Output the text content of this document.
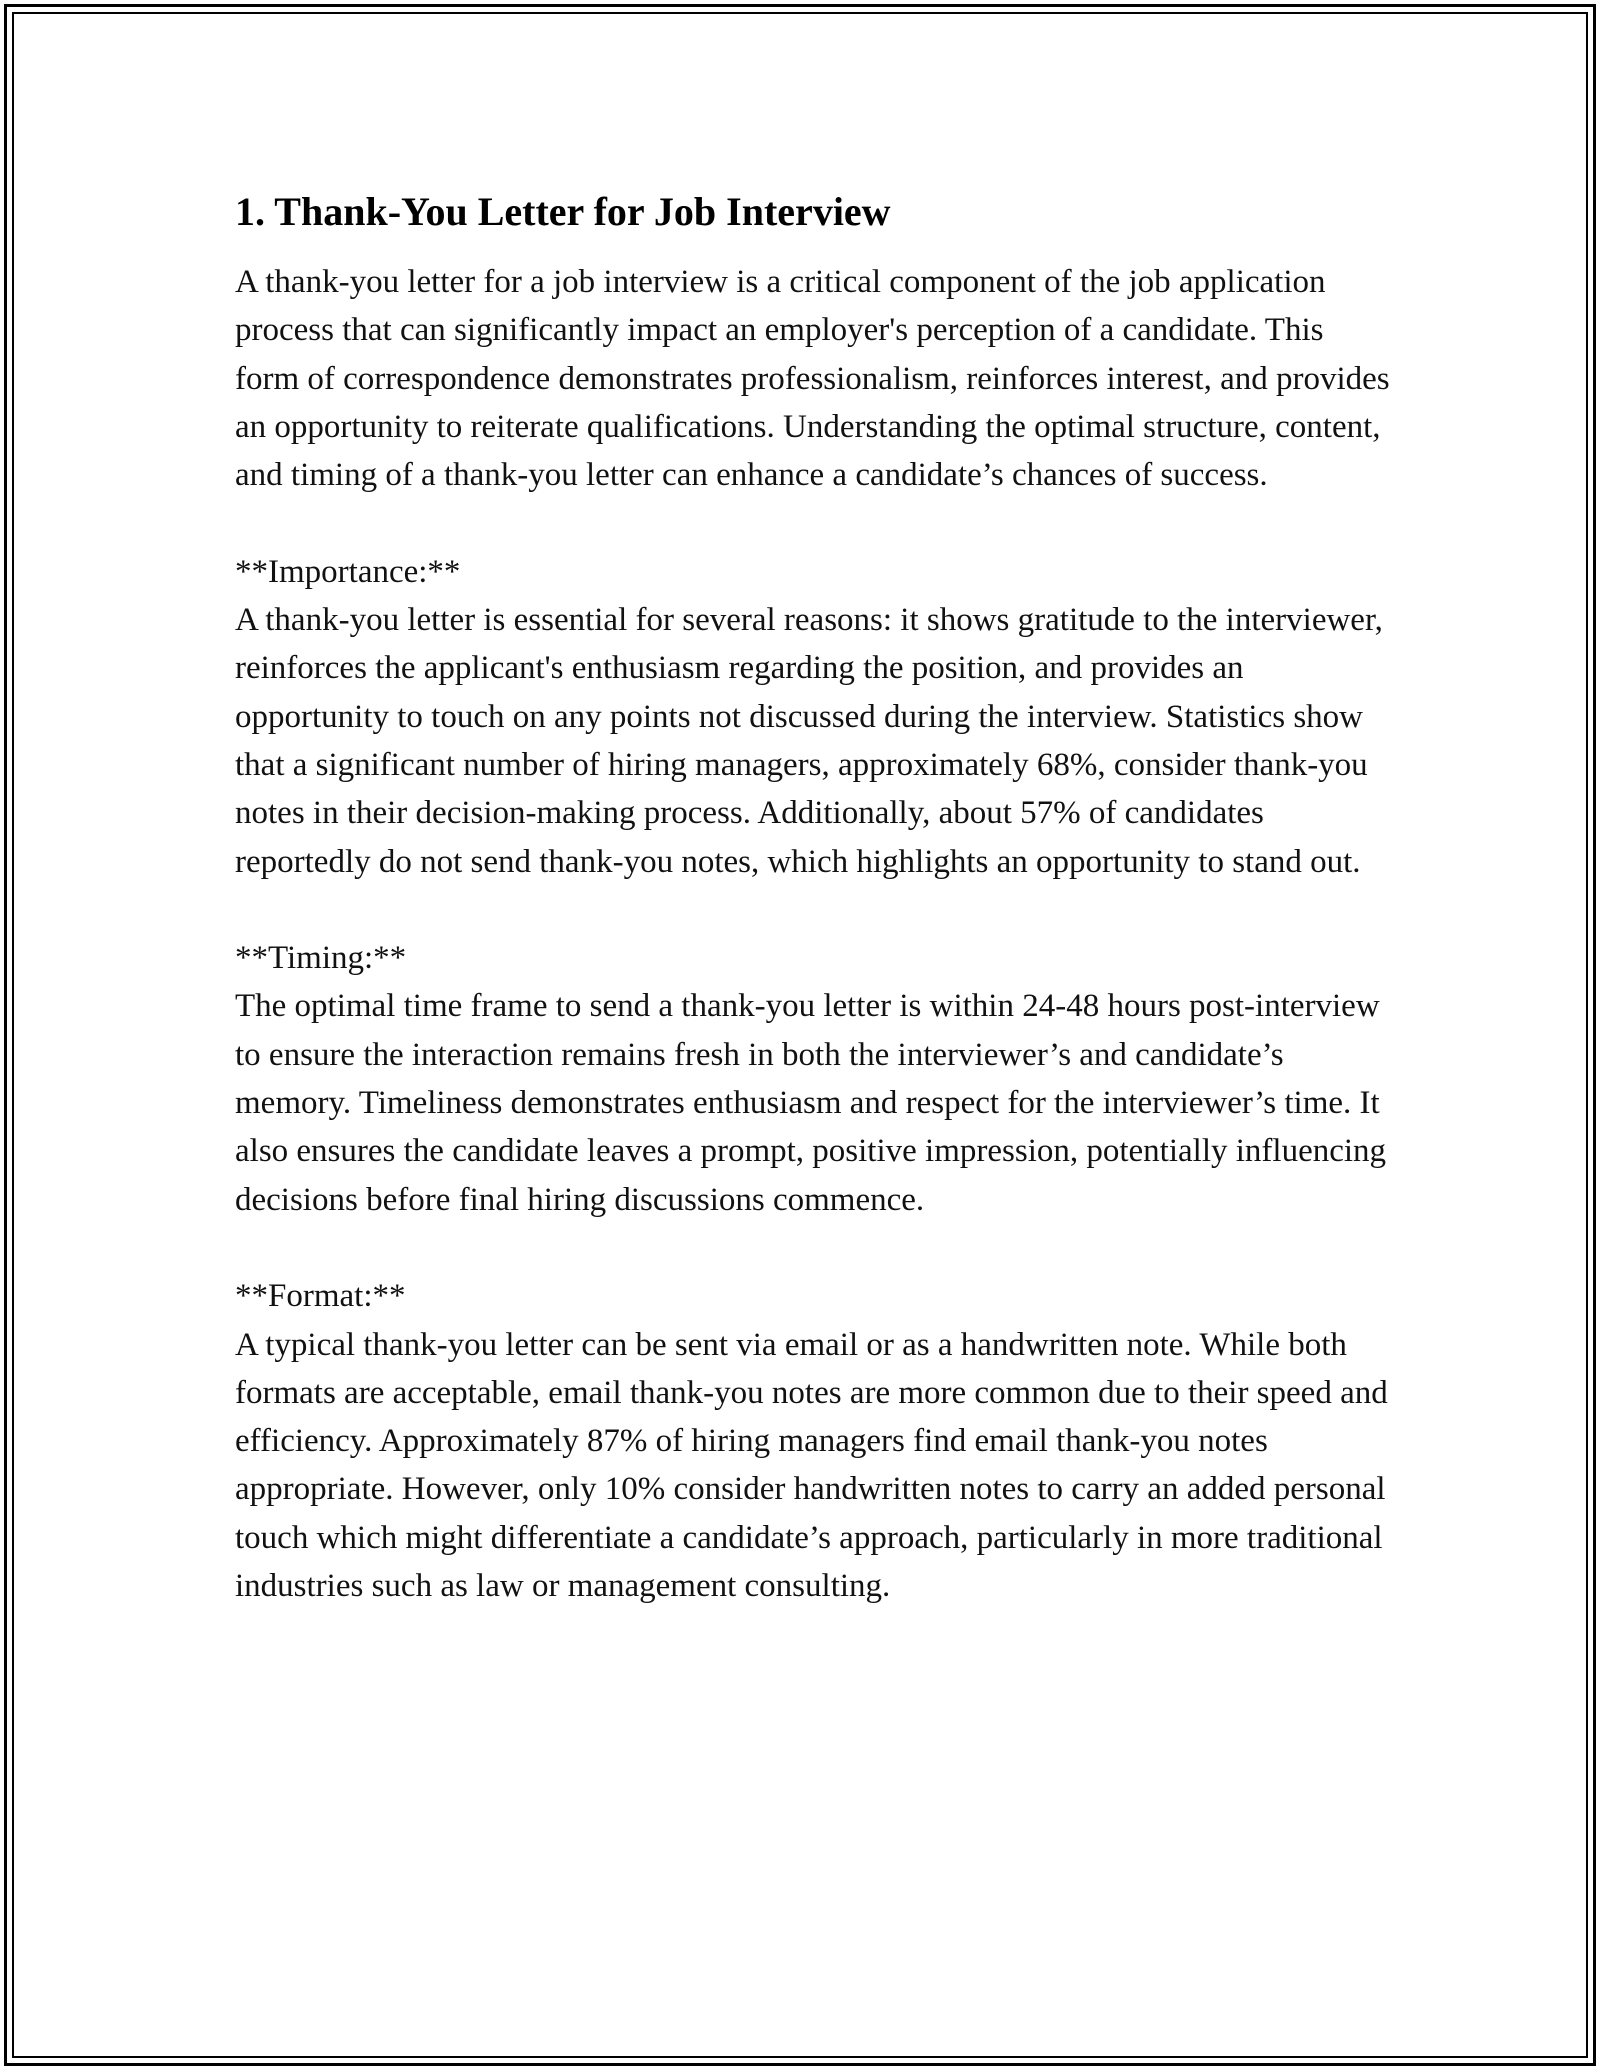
1. Thank-You Letter for Job Interview

A thank-you letter for a job interview is a critical component of the job application process that can significantly impact an employer's perception of a candidate. This form of correspondence demonstrates professionalism, reinforces interest, and provides an opportunity to reiterate qualifications. Understanding the optimal structure, content, and timing of a thank-you letter can enhance a candidate’s chances of success.

**Importance:**

A thank-you letter is essential for several reasons: it shows gratitude to the interviewer, reinforces the applicant's enthusiasm regarding the position, and provides an opportunity to touch on any points not discussed during the interview. Statistics show that a significant number of hiring managers, approximately 68%, consider thank-you notes in their decision-making process. Additionally, about 57% of candidates reportedly do not send thank-you notes, which highlights an opportunity to stand out.

**Timing:**

The optimal time frame to send a thank-you letter is within 24-48 hours post-interview to ensure the interaction remains fresh in both the interviewer’s and candidate’s memory. Timeliness demonstrates enthusiasm and respect for the interviewer’s time. It also ensures the candidate leaves a prompt, positive impression, potentially influencing decisions before final hiring discussions commence.

**Format:**

A typical thank-you letter can be sent via email or as a handwritten note. While both formats are acceptable, email thank-you notes are more common due to their speed and efficiency. Approximately 87% of hiring managers find email thank-you notes appropriate. However, only 10% consider handwritten notes to carry an added personal touch which might differentiate a candidate’s approach, particularly in more traditional industries such as law or management consulting.
